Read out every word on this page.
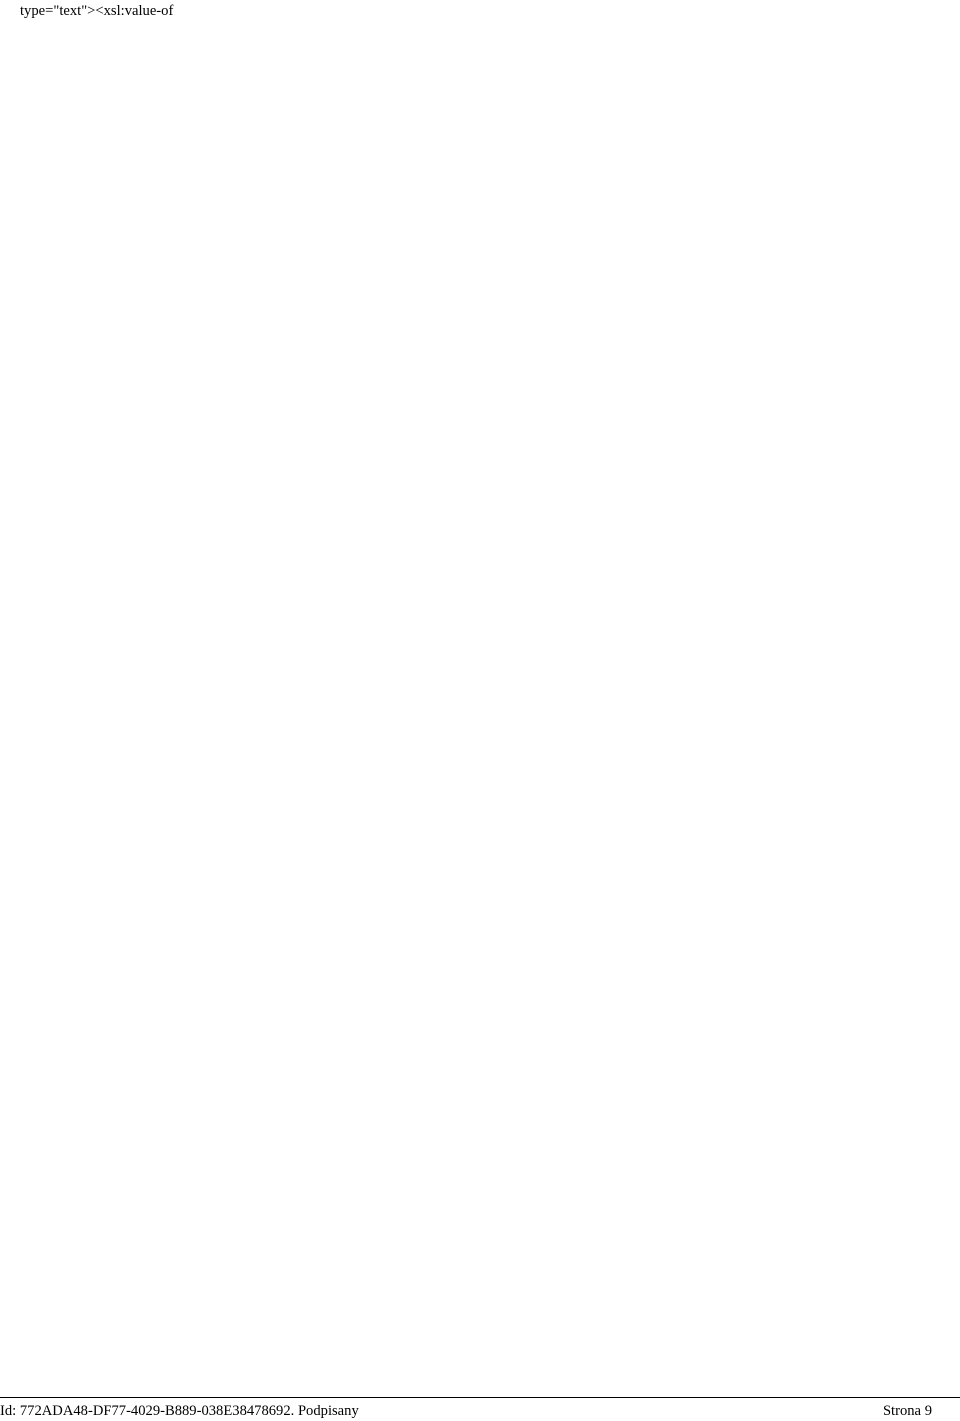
type="text"><xsl:value-of

Id: 772ADA48-DF77-4029-B889-038E38478692. Podpisany	Strona 9
